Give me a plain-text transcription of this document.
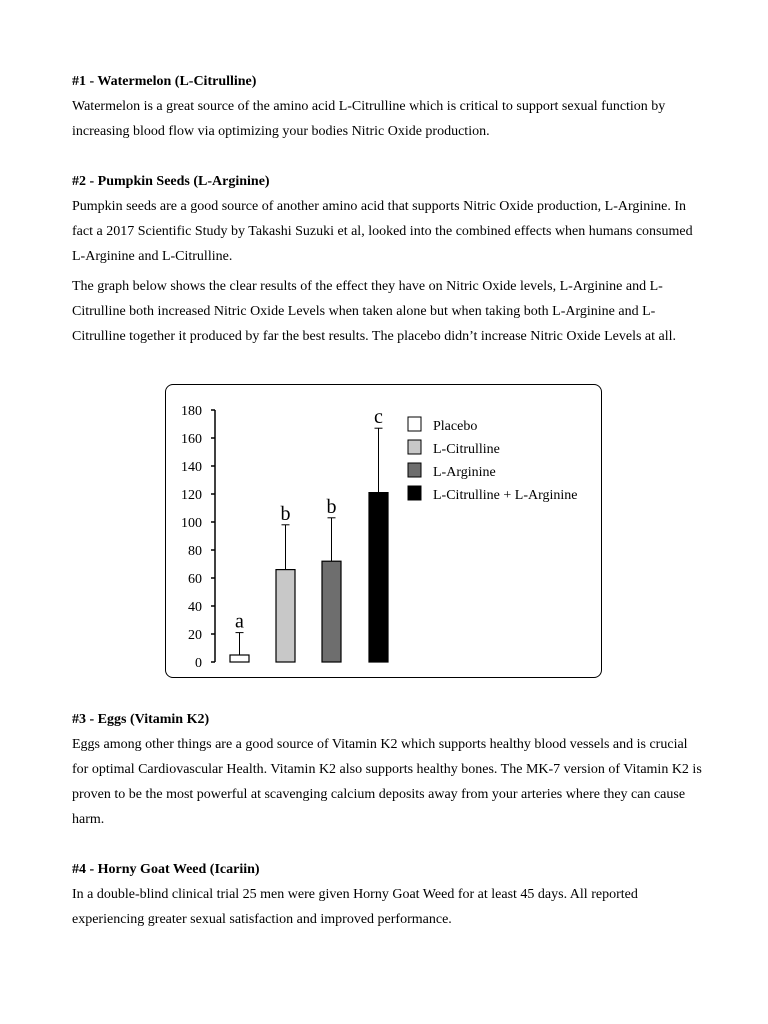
#1 - Watermelon (L-Citrulline)

Watermelon is a great source of the amino acid L-Citrulline which is critical to support sexual function by increasing blood flow via optimizing your bodies Nitric Oxide production.

#2 - Pumpkin Seeds (L-Arginine)

Pumpkin seeds are a good source of another amino acid that supports Nitric Oxide production, L-Arginine. In fact a 2017 Scientific Study by Takashi Suzuki et al, looked into the combined effects when humans consumed L-Arginine and L-Citrulline.

The graph below shows the clear results of the effect they have on Nitric Oxide levels, L-Arginine and L-Citrulline both increased Nitric Oxide Levels when taken alone but when taking both L-Arginine and L-Citrulline together it produced by far the best results. The placebo didn’t increase Nitric Oxide Levels at all.

0
20
40
60
80
100
120
140
160
180
a
b b
c	Placebo
L-Citrulline
L-Arginine
L-Citrulline + L-Arginine
#3 - Eggs (Vitamin K2)

Eggs among other things are a good source of Vitamin K2 which supports healthy blood vessels and is crucial for optimal Cardiovascular Health. Vitamin K2 also supports healthy bones. The MK-7 version of Vitamin K2 is proven to be the most powerful at scavenging calcium deposits away from your arteries where they can cause harm.

#4 - Horny Goat Weed (Icariin)

In a double-blind clinical trial 25 men were given Horny Goat Weed for at least 45 days. All reported experiencing greater sexual satisfaction and improved performance.
